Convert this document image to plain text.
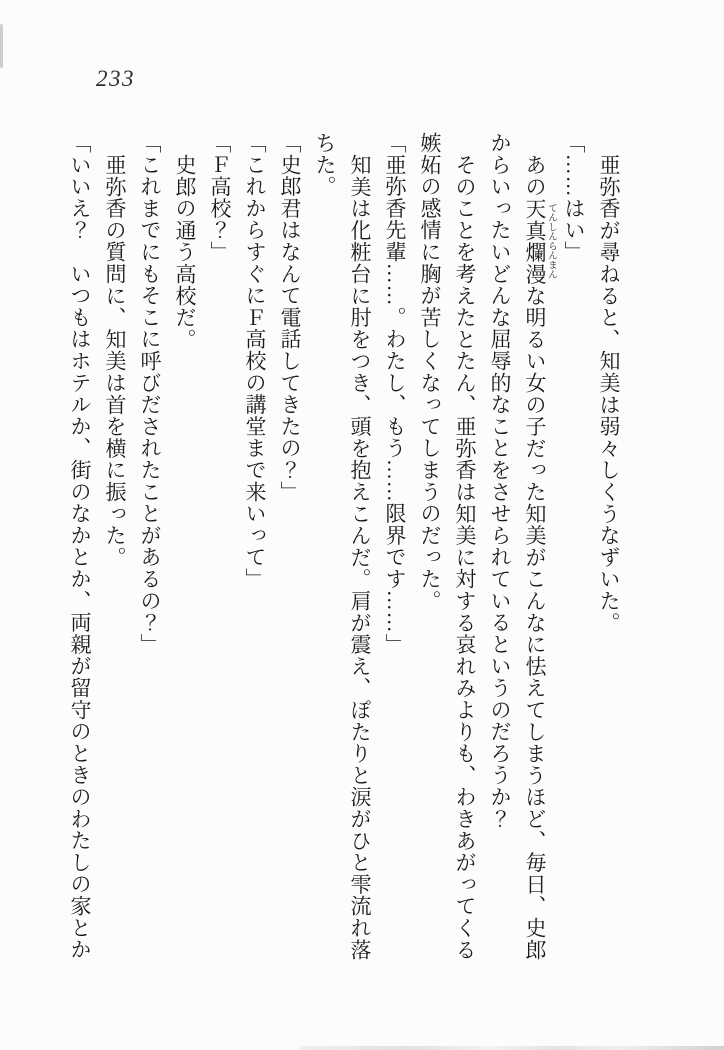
233

亜弥香が尋ねると、知美は弱々しくうなずいた。

「……はい」

あの天真爛漫 てんしんらんまんな明るい女の子だった知美がこんなに怯えてしまうほど、毎日、史郎からいったいどんな屈辱的なことをさせられているというのだろうか？

そのことを考えたとたん、亜弥香は知美に対する哀れみよりも、わきあがってくる嫉妬の感情に胸が苦しくなってしまうのだった。

「亜弥香先輩……。わたし、もう……限界です……」

知美は化粧台に肘をつき、頭を抱えこんだ。肩が震え、ぽたりと涙がひと雫流れ落ちた。

「史郎君はなんて電話してきたの？」

「これからすぐにＦ高校の講堂まで来いって」

「Ｆ高校？」

史郎の通う高校だ。

「これまでにもそこに呼びだされたことがあるの？」

亜弥香の質問に、知美は首を横に振った。

「いいえ？　いつもはホテルか、街のなかとか、両親が留守のときのわたしの家とか
